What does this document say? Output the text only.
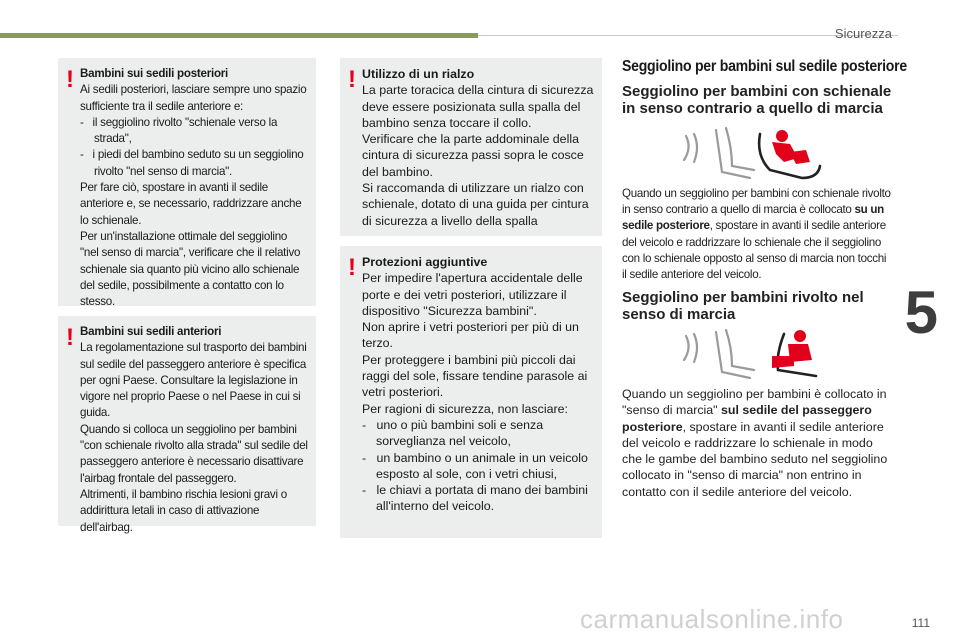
Sicurezza
5
! Bambini sui sedili posteriori
Ai sedili posteriori, lasciare sempre uno spazio sufficiente tra il sedile anteriore e:
-   il seggiolino rivolto "schienale verso la strada",
-   i piedi del bambino seduto su un seggiolino rivolto "nel senso di marcia".
Per fare ciò, spostare in avanti il sedile anteriore e, se necessario, raddrizzare anche lo schienale.
Per un'installazione ottimale del seggiolino "nel senso di marcia", verificare che il relativo schienale sia quanto più vicino allo schienale del sedile, possibilmente a contatto con lo stesso.
! Bambini sui sedili anteriori
La regolamentazione sul trasporto dei bambini sul sedile del passeggero anteriore è specifica per ogni Paese. Consultare la legislazione in vigore nel proprio Paese o nel Paese in cui si guida.
Quando si colloca un seggiolino per bambini "con schienale rivolto alla strada" sul sedile del passeggero anteriore è necessario disattivare l'airbag frontale del passeggero.
Altrimenti, il bambino rischia lesioni gravi o addirittura letali in caso di attivazione dell'airbag.
! Utilizzo di un rialzo
La parte toracica della cintura di sicurezza deve essere posizionata sulla spalla del bambino senza toccare il collo.
Verificare che la parte addominale della cintura di sicurezza passi sopra le cosce del bambino.
Si raccomanda di utilizzare un rialzo con schienale, dotato di una guida per cintura di sicurezza a livello della spalla
! Protezioni aggiuntive
Per impedire l'apertura accidentale delle porte e dei vetri posteriori, utilizzare il dispositivo "Sicurezza bambini".
Non aprire i vetri posteriori per più di un terzo.
Per proteggere i bambini più piccoli dai raggi del sole, fissare tendine parasole ai vetri posteriori.
Per ragioni di sicurezza, non lasciare:
-   uno o più bambini soli e senza sorveglianza nel veicolo,
-   un bambino o un animale in un veicolo esposto al sole, con i vetri chiusi,
-   le chiavi a portata di mano dei bambini all'interno del veicolo.
Seggiolino per bambini sul sedile posteriore
Seggiolino per bambini con schienale in senso contrario a quello di marcia
Quando un seggiolino per bambini con schienale rivolto in senso contrario a quello di marcia è collocato su un sedile posteriore, spostare in avanti il sedile anteriore del veicolo e raddrizzare lo schienale che il seggiolino con lo schienale opposto al senso di marcia non tocchi il sedile anteriore del veicolo.
Seggiolino per bambini rivolto nel senso di marcia
Quando un seggiolino per bambini è collocato in "senso di marcia" sul sedile del passeggero posteriore, spostare in avanti il sedile anteriore del veicolo e raddrizzare lo schienale in modo che le gambe del bambino seduto nel seggiolino collocato in "senso di marcia" non entrino in contatto con il sedile anteriore del veicolo.
carmanualsonline.info	111
